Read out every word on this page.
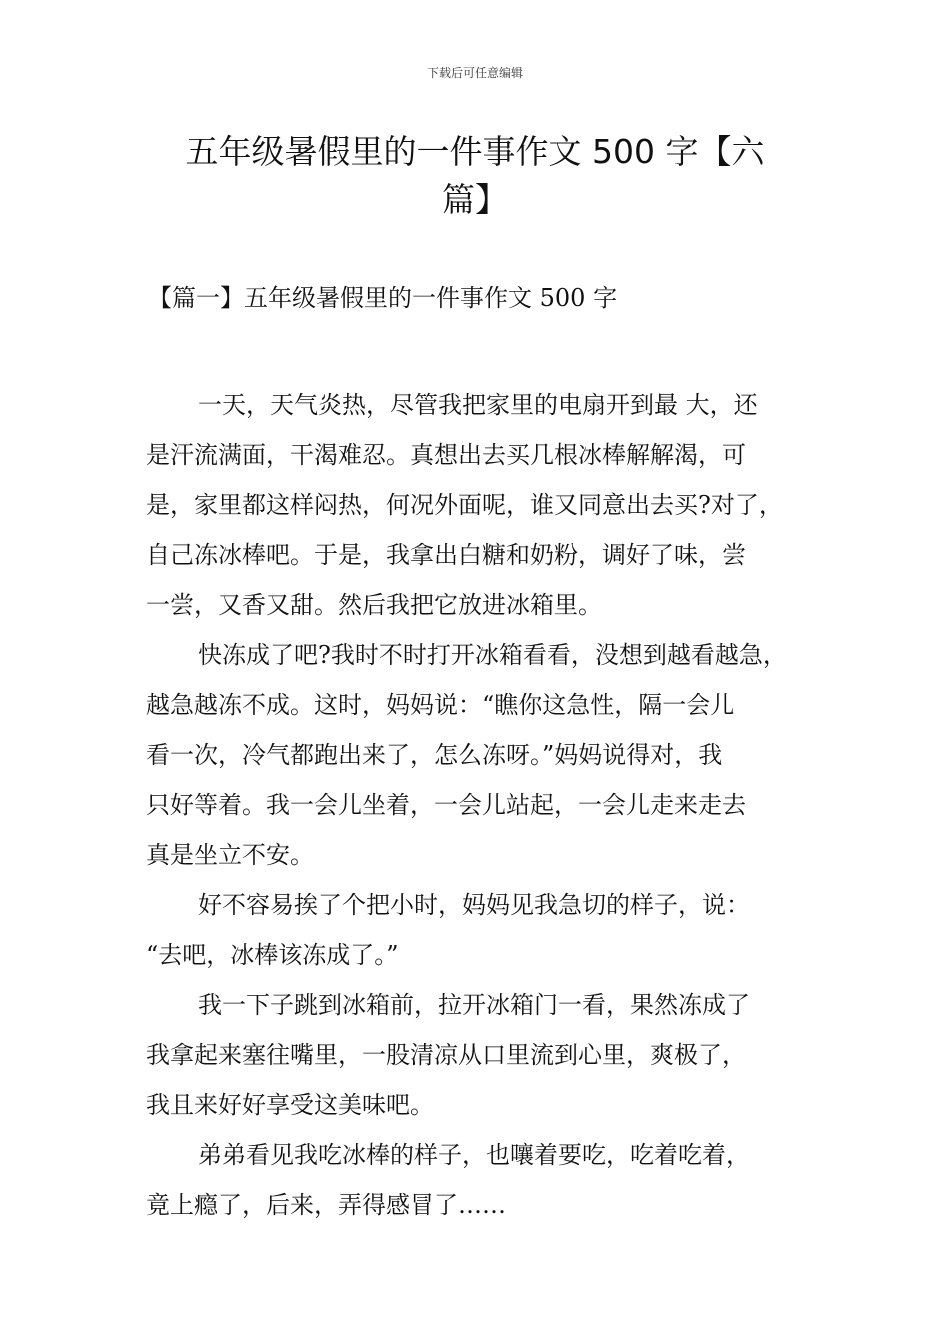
下载后可任意编辑
五年级暑假里的一件事作文 500 字【六
篇】
【篇一】五年级暑假里的一件事作文 500 字

一天，天气炎热，尽管我把家里的电扇开到最 大，还
是汗流满面，干渴难忍。真想出去买几根冰棒解解渴，可
是，家里都这样闷热，何况外面呢，谁又同意出去买?对了，
自己冻冰棒吧。于是，我拿出白糖和奶粉，调好了味，尝
一尝，又香又甜。然后我把它放进冰箱里。

快冻成了吧?我时不时打开冰箱看看，没想到越看越急，
越急越冻不成。这时，妈妈说：“瞧你这急性，隔一会儿
看一次，冷气都跑出来了，怎么冻呀。”妈妈说得对，我
只好等着。我一会儿坐着，一会儿站起，一会儿走来走去
真是坐立不安。

好不容易挨了个把小时，妈妈见我急切的样子，说：
“去吧，冰棒该冻成了。”

我一下子跳到冰箱前，拉开冰箱门一看，果然冻成了
我拿起来塞往嘴里，一股清凉从口里流到心里，爽极了，
我且来好好享受这美味吧。

弟弟看见我吃冰棒的样子，也嚷着要吃，吃着吃着，
竟上瘾了，后来，弄得感冒了……
